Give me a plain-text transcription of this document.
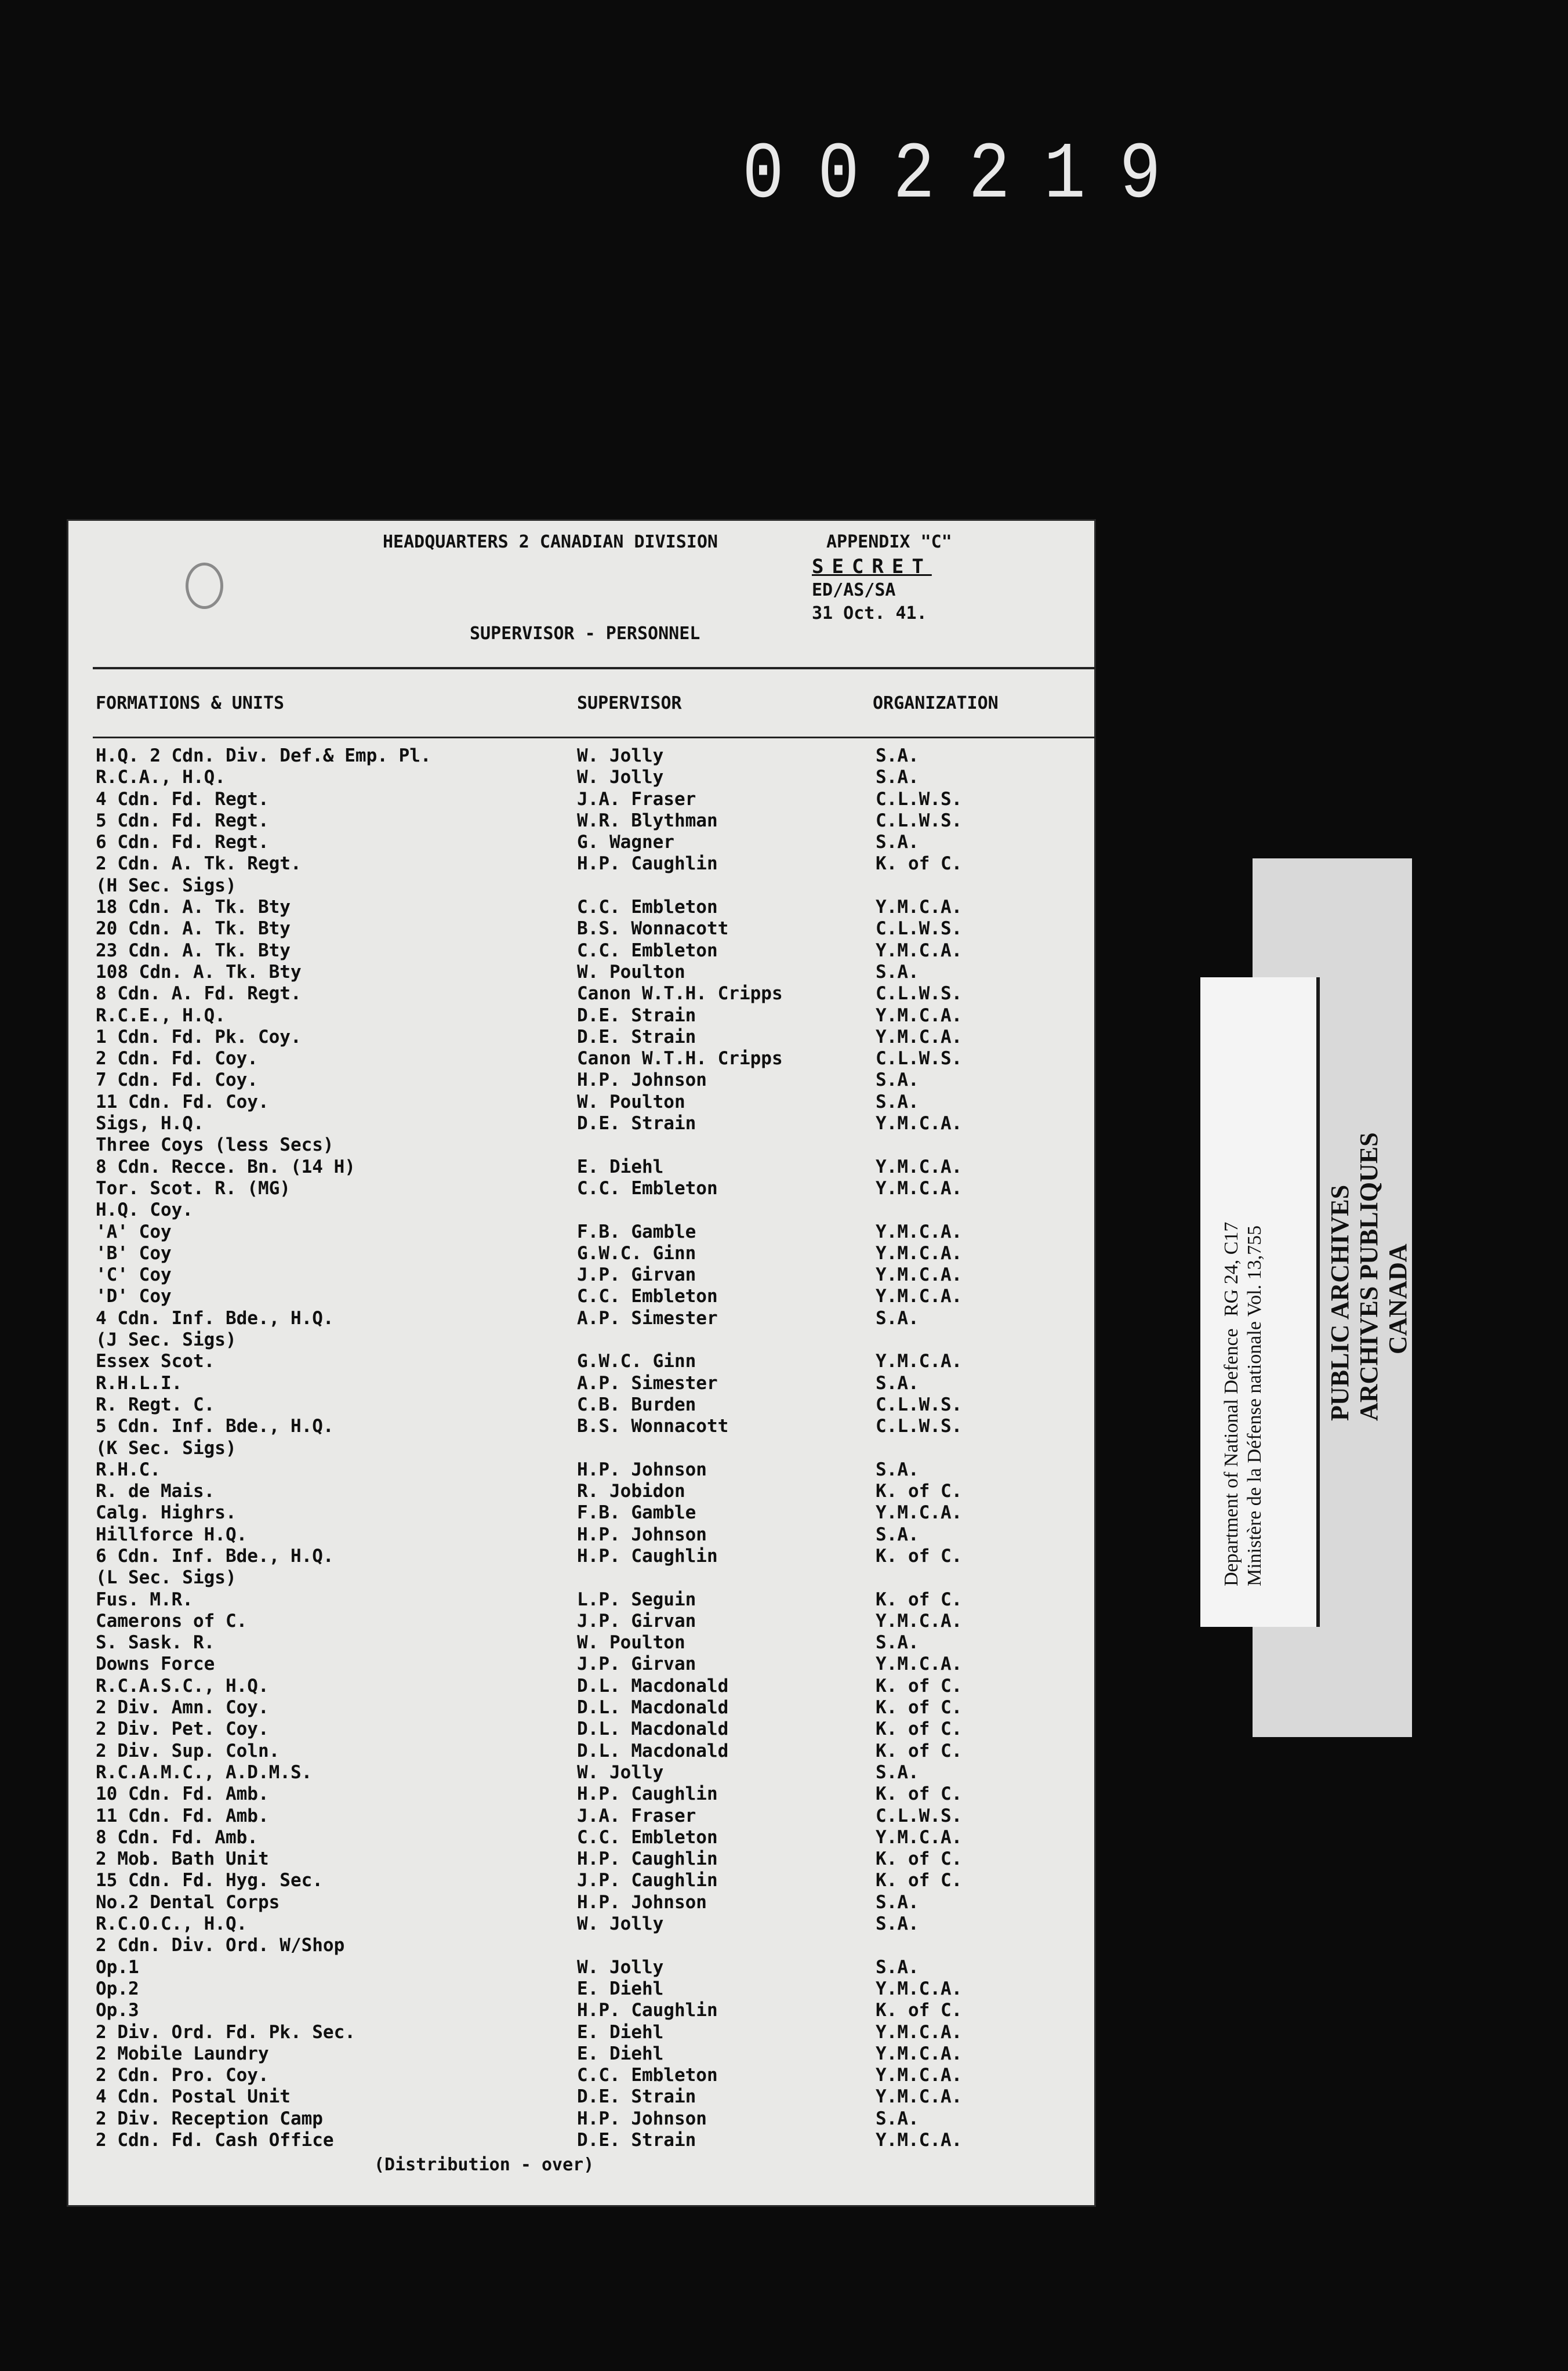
002219
HEADQUARTERS 2 CANADIAN DIVISION	APPENDIX "C"
SECRET
ED/AS/SA
31 Oct. 41.
SUPERVISOR - PERSONNEL
FORMATIONS & UNITS	SUPERVISOR	ORGANIZATION
H.Q. 2 Cdn. Div. Def.& Emp. Pl.	W. Jolly	S.A.
R.C.A., H.Q.	W. Jolly	S.A.
4 Cdn. Fd. Regt.	J.A. Fraser	C.L.W.S.
5 Cdn. Fd. Regt.	W.R. Blythman	C.L.W.S.
6 Cdn. Fd. Regt.	G. Wagner	S.A.
2 Cdn. A. Tk. Regt.	H.P. Caughlin	K. of C.
(H Sec. Sigs)
18 Cdn. A. Tk. Bty	C.C. Embleton	Y.M.C.A.
20 Cdn. A. Tk. Bty	B.S. Wonnacott	C.L.W.S.
23 Cdn. A. Tk. Bty	C.C. Embleton	Y.M.C.A.
108 Cdn. A. Tk. Bty	W. Poulton	S.A.
8 Cdn. A. Fd. Regt.	Canon W.T.H. Cripps	C.L.W.S.
R.C.E., H.Q.	D.E. Strain	Y.M.C.A.
1 Cdn. Fd. Pk. Coy.	D.E. Strain	Y.M.C.A.
2 Cdn. Fd. Coy.	Canon W.T.H. Cripps	C.L.W.S.
7 Cdn. Fd. Coy.	H.P. Johnson	S.A.
11 Cdn. Fd. Coy.	W. Poulton	S.A.
Sigs, H.Q.	D.E. Strain	Y.M.C.A.
Three Coys (less Secs)
8 Cdn. Recce. Bn. (14 H)	E. Diehl	Y.M.C.A.
Tor. Scot. R. (MG)	C.C. Embleton	Y.M.C.A.
H.Q. Coy.
'A' Coy	F.B. Gamble	Y.M.C.A.
'B' Coy	G.W.C. Ginn	Y.M.C.A.
'C' Coy	J.P. Girvan	Y.M.C.A.
'D' Coy	C.C. Embleton	Y.M.C.A.
4 Cdn. Inf. Bde., H.Q.	A.P. Simester	S.A.
(J Sec. Sigs)
Essex Scot.	G.W.C. Ginn	Y.M.C.A.
R.H.L.I.	A.P. Simester	S.A.
R. Regt. C.	C.B. Burden	C.L.W.S.
5 Cdn. Inf. Bde., H.Q.	B.S. Wonnacott	C.L.W.S.
(K Sec. Sigs)
R.H.C.	H.P. Johnson	S.A.
R. de Mais.	R. Jobidon	K. of C.
Calg. Highrs.	F.B. Gamble	Y.M.C.A.
Hillforce H.Q.	H.P. Johnson	S.A.
6 Cdn. Inf. Bde., H.Q.	H.P. Caughlin	K. of C.
(L Sec. Sigs)
Fus. M.R.	L.P. Seguin	K. of C.
Camerons of C.	J.P. Girvan	Y.M.C.A.
S. Sask. R.	W. Poulton	S.A.
Downs Force	J.P. Girvan	Y.M.C.A.
R.C.A.S.C., H.Q.	D.L. Macdonald	K. of C.
2 Div. Amn. Coy.	D.L. Macdonald	K. of C.
2 Div. Pet. Coy.	D.L. Macdonald	K. of C.
2 Div. Sup. Coln.	D.L. Macdonald	K. of C.
R.C.A.M.C., A.D.M.S.	W. Jolly	S.A.
10 Cdn. Fd. Amb.	H.P. Caughlin	K. of C.
11 Cdn. Fd. Amb.	J.A. Fraser	C.L.W.S.
8 Cdn. Fd. Amb.	C.C. Embleton	Y.M.C.A.
2 Mob. Bath Unit	H.P. Caughlin	K. of C.
15 Cdn. Fd. Hyg. Sec.	J.P. Caughlin	K. of C.
No.2 Dental Corps	H.P. Johnson	S.A.
R.C.O.C., H.Q.	W. Jolly	S.A.
2 Cdn. Div. Ord. W/Shop
Op.1	W. Jolly	S.A.
Op.2	E. Diehl	Y.M.C.A.
Op.3	H.P. Caughlin	K. of C.
2 Div. Ord. Fd. Pk. Sec.	E. Diehl	Y.M.C.A.
2 Mobile Laundry	E. Diehl	Y.M.C.A.
2 Cdn. Pro. Coy.	C.C. Embleton	Y.M.C.A.
4 Cdn. Postal Unit	D.E. Strain	Y.M.C.A.
2 Div. Reception Camp	H.P. Johnson	S.A.
2 Cdn. Fd. Cash Office	D.E. Strain	Y.M.C.A.
(Distribution - over)
Department of National Defence Ministère de la Défense nationale
RG 24, C17 Vol. 13,755 PUBLIC ARCHIVES ARCHIVES PUBLIQUES CANADA
